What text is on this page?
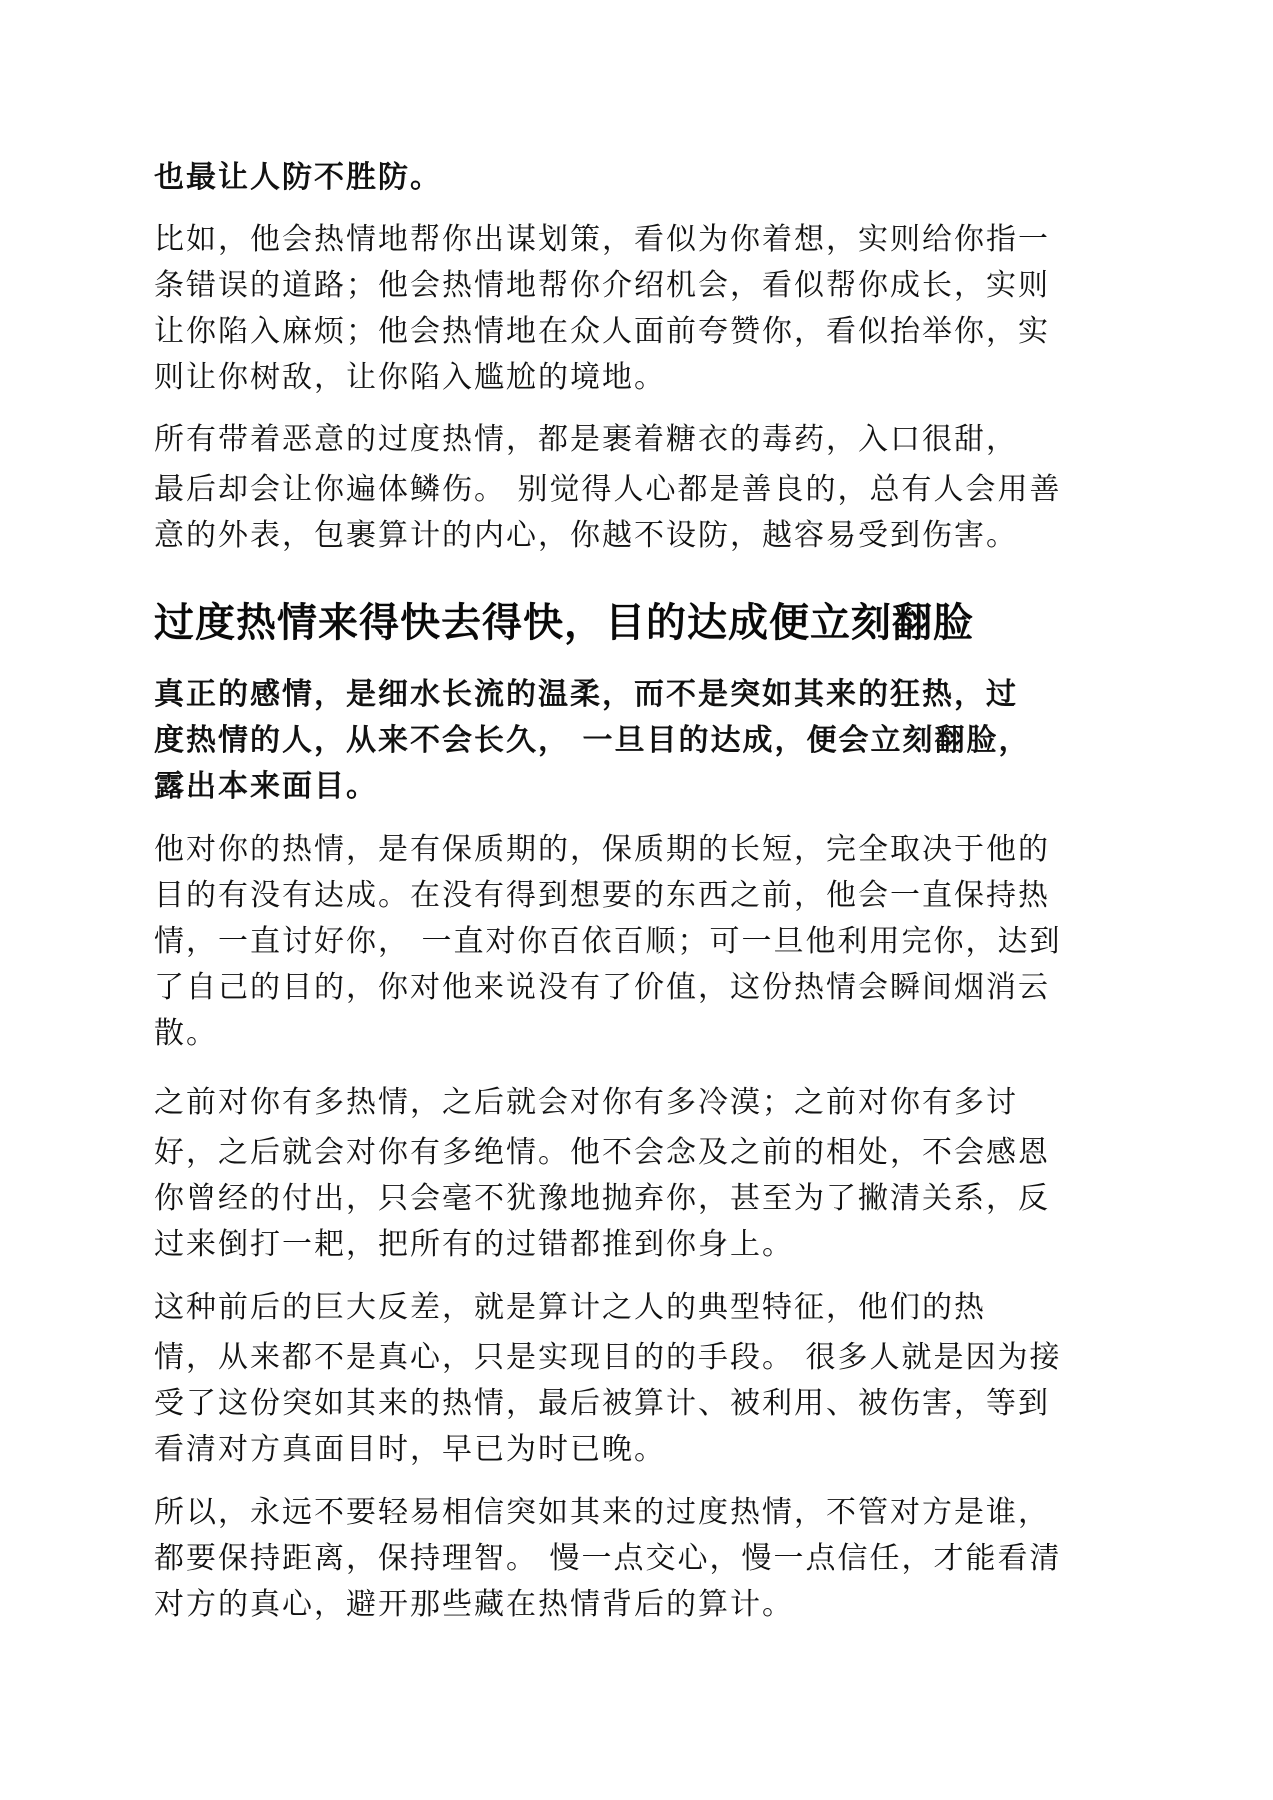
也最让人防不胜防。
比如，他会热情地帮你出谋划策，看似为你着想，实则给你指一
条错误的道路；他会热情地帮你介绍机会，看似帮你成长，实则
让你陷入麻烦；他会热情地在众人面前夸赞你，看似抬举你，实
则让你树敌，让你陷入尴尬的境地。
所有带着恶意的过度热情，都是裹着糖衣的毒药，入口很甜，
最后却会让你遍体鳞伤。 别觉得人心都是善良的，总有人会用善
意的外表，包裹算计的内心，你越不设防，越容易受到伤害。
过度热情来得快去得快，目的达成便立刻翻脸
真正的感情，是细水长流的温柔，而不是突如其来的狂热，过
度热情的人，从来不会长久， 一旦目的达成，便会立刻翻脸，
露出本来面目。
他对你的热情，是有保质期的，保质期的长短，完全取决于他的
目的有没有达成。在没有得到想要的东西之前，他会一直保持热
情，一直讨好你， 一直对你百依百顺；可一旦他利用完你，达到
了自己的目的，你对他来说没有了价值，这份热情会瞬间烟消云
散。
之前对你有多热情，之后就会对你有多冷漠；之前对你有多讨
好，之后就会对你有多绝情。他不会念及之前的相处，不会感恩
你曾经的付出，只会毫不犹豫地抛弃你，甚至为了撇清关系，反
过来倒打一耙，把所有的过错都推到你身上。
这种前后的巨大反差，就是算计之人的典型特征，他们的热
情，从来都不是真心，只是实现目的的手段。 很多人就是因为接
受了这份突如其来的热情，最后被算计、被利用、被伤害，等到
看清对方真面目时，早已为时已晚。
所以，永远不要轻易相信突如其来的过度热情，不管对方是谁，
都要保持距离，保持理智。 慢一点交心，慢一点信任，才能看清
对方的真心，避开那些藏在热情背后的算计。
